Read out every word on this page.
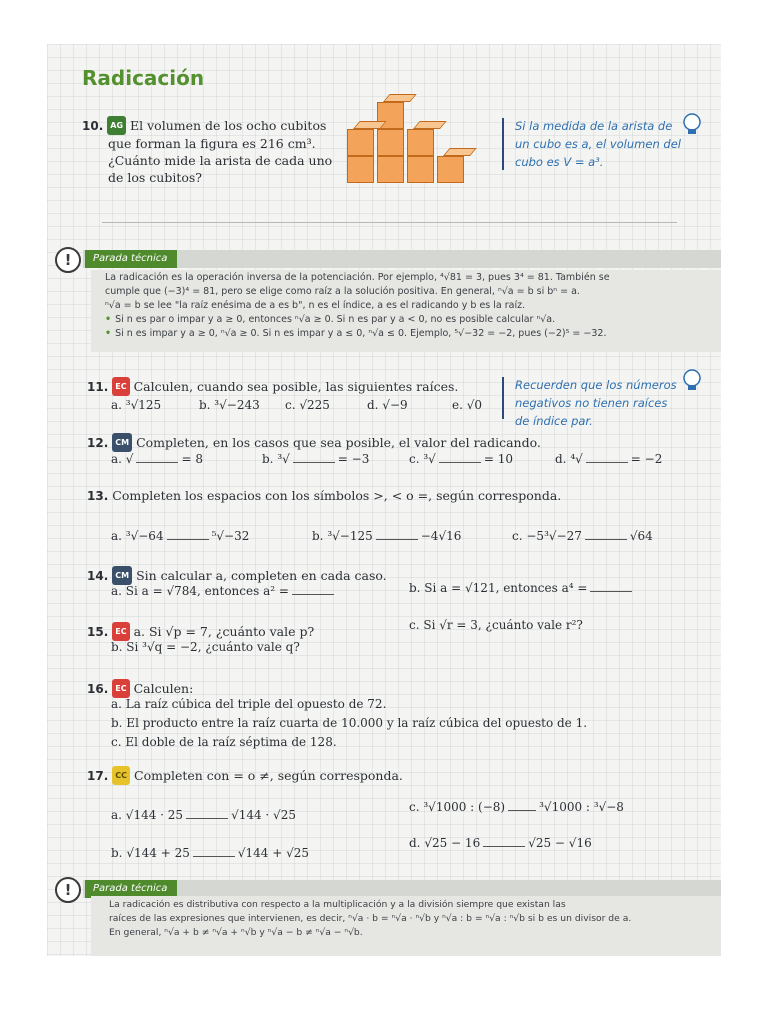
Radicación
10. AG El volumen de los ocho cubitos
que forman la figura es 216 cm³.
¿Cuánto mide la arista de cada uno
de los cubitos?
Si la medida de la arista de
un cubo es a, el volumen del
cubo es V = a³.
!	Parada técnica
La radicación es la operación inversa de la potenciación. Por ejemplo, ⁴√81 = 3, pues 3⁴ = 81. También se
cumple que (−3)⁴ = 81, pero se elige como raíz a la solución positiva. En general, ⁿ√a = b si bⁿ = a.
ⁿ√a = b se lee "la raíz enésima de a es b", n es el índice, a es el radicando y b es la raíz.
• Si n es par o impar y a ≥ 0, entonces ⁿ√a ≥ 0. Si n es par y a < 0, no es posible calcular ⁿ√a.
• Si n es impar y a ≥ 0, ⁿ√a ≥ 0. Si n es impar y a ≤ 0, ⁿ√a ≤ 0. Ejemplo, ⁵√−32 = −2, pues (−2)⁵ = −32.
11. EC Calculen, cuando sea posible, las siguientes raíces.
a. ³√125	b. ³√−243 c. √225	d. √−9	e. √0
Recuerden que los números
negativos no tienen raíces
de índice par.
12. CM Completen, en los casos que sea posible, el valor del radicando.
a. √	= 8	b. ³√	= −3	c. ³√	= 10	d. ⁴√	= −2
13. Completen los espacios con los símbolos >, < o =, según corresponda.
a. ³√−64	⁵√−32	b. ³√−125	−4√16	c. −5³√−27	√64
14. CM Sin calcular a, completen en cada caso.
a. Si a = √784, entonces a² =	b. Si a = √121, entonces a⁴ =
15. EC a. Si √p = 7, ¿cuánto vale p?
b. Si ³√q = −2, ¿cuánto vale q?
c. Si √r = 3, ¿cuánto vale r²?
16. EC Calculen:
a. La raíz cúbica del triple del opuesto de 72.
b. El producto entre la raíz cuarta de 10.000 y la raíz cúbica del opuesto de 1.
c. El doble de la raíz séptima de 128.
17. CC Completen con = o ≠, según corresponda.
a. √144 · 25	√144 · √25
b. √144 + 25	√144 + √25
c. ³√1000 : (−8)	³√1000 : ³√−8
d. √25 − 16	√25 − √16
!	Parada técnica
La radicación es distributiva con respecto a la multiplicación y a la división siempre que existan las
raíces de las expresiones que intervienen, es decir, ⁿ√a · b = ⁿ√a · ⁿ√b y ⁿ√a : b = ⁿ√a : ⁿ√b si b es un divisor de a.
En general, ⁿ√a + b ≠ ⁿ√a + ⁿ√b y ⁿ√a − b ≠ ⁿ√a − ⁿ√b.
